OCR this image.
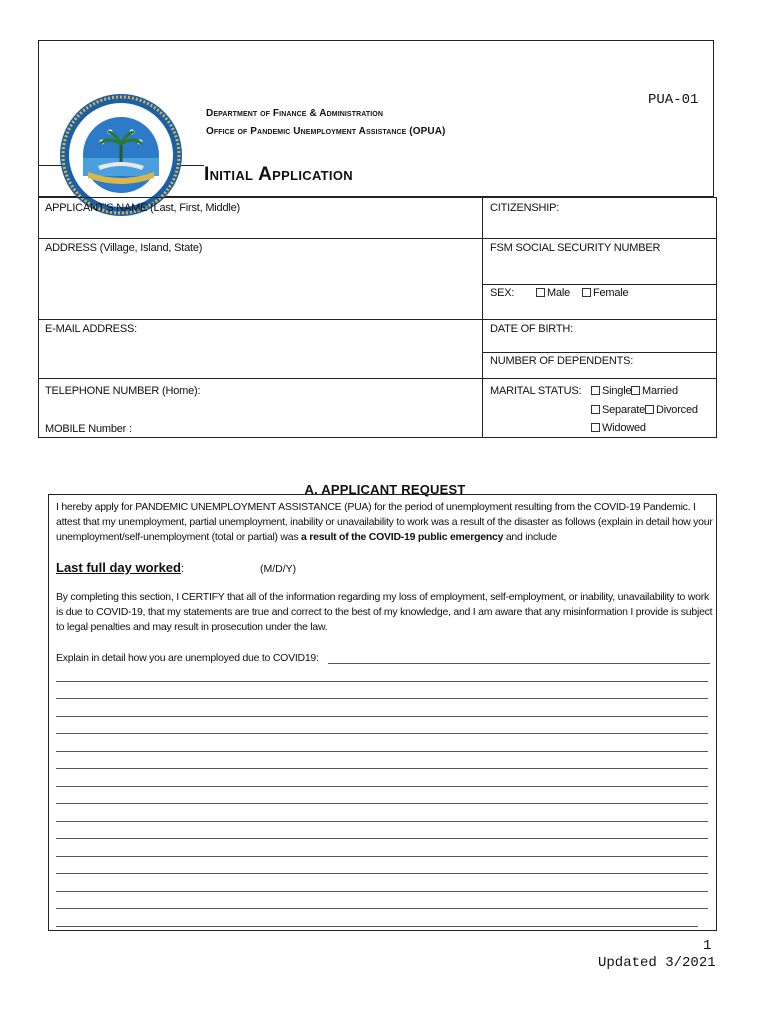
Department of Finance & Administration
Office of Pandemic Unemployment Assistance (OPUA)
PUA-01
Initial Application
APPLICANT'S NAME (Last, First, Middle)	CITIZENSHIP:
ADDRESS (Village, Island, State)	FSM SOCIAL SECURITY NUMBER
SEX:	Male	Female
E-MAIL ADDRESS:	DATE OF BIRTH:
NUMBER OF DEPENDENTS:
TELEPHONE NUMBER (Home):
MOBILE Number :
MARITAL STATUS:	Single Married
Separate Divorced
Widowed
A. APPLICANT REQUEST
I hereby apply for PANDEMIC UNEMPLOYMENT ASSISTANCE (PUA) for the period of unemployment resulting from the COVID-19 Pandemic. I attest that my unemployment, partial unemployment, inability or unavailability to work was a result of the disaster as follows (explain in detail how your unemployment/self-unemployment (total or partial) was a result of the COVID-19 public emergency and include
Last full day worked:	(M/D/Y)
By completing this section, I CERTIFY that all of the information regarding my loss of employment, self-employment, or inability, unavailability to work is due to COVID-19, that my statements are true and correct to the best of my knowledge, and I am aware that any misinformation I provide is subject to legal penalties and may result in prosecution under the law.
Explain in detail how you are unemployed due to COVID19:
1
Updated 3/2021
